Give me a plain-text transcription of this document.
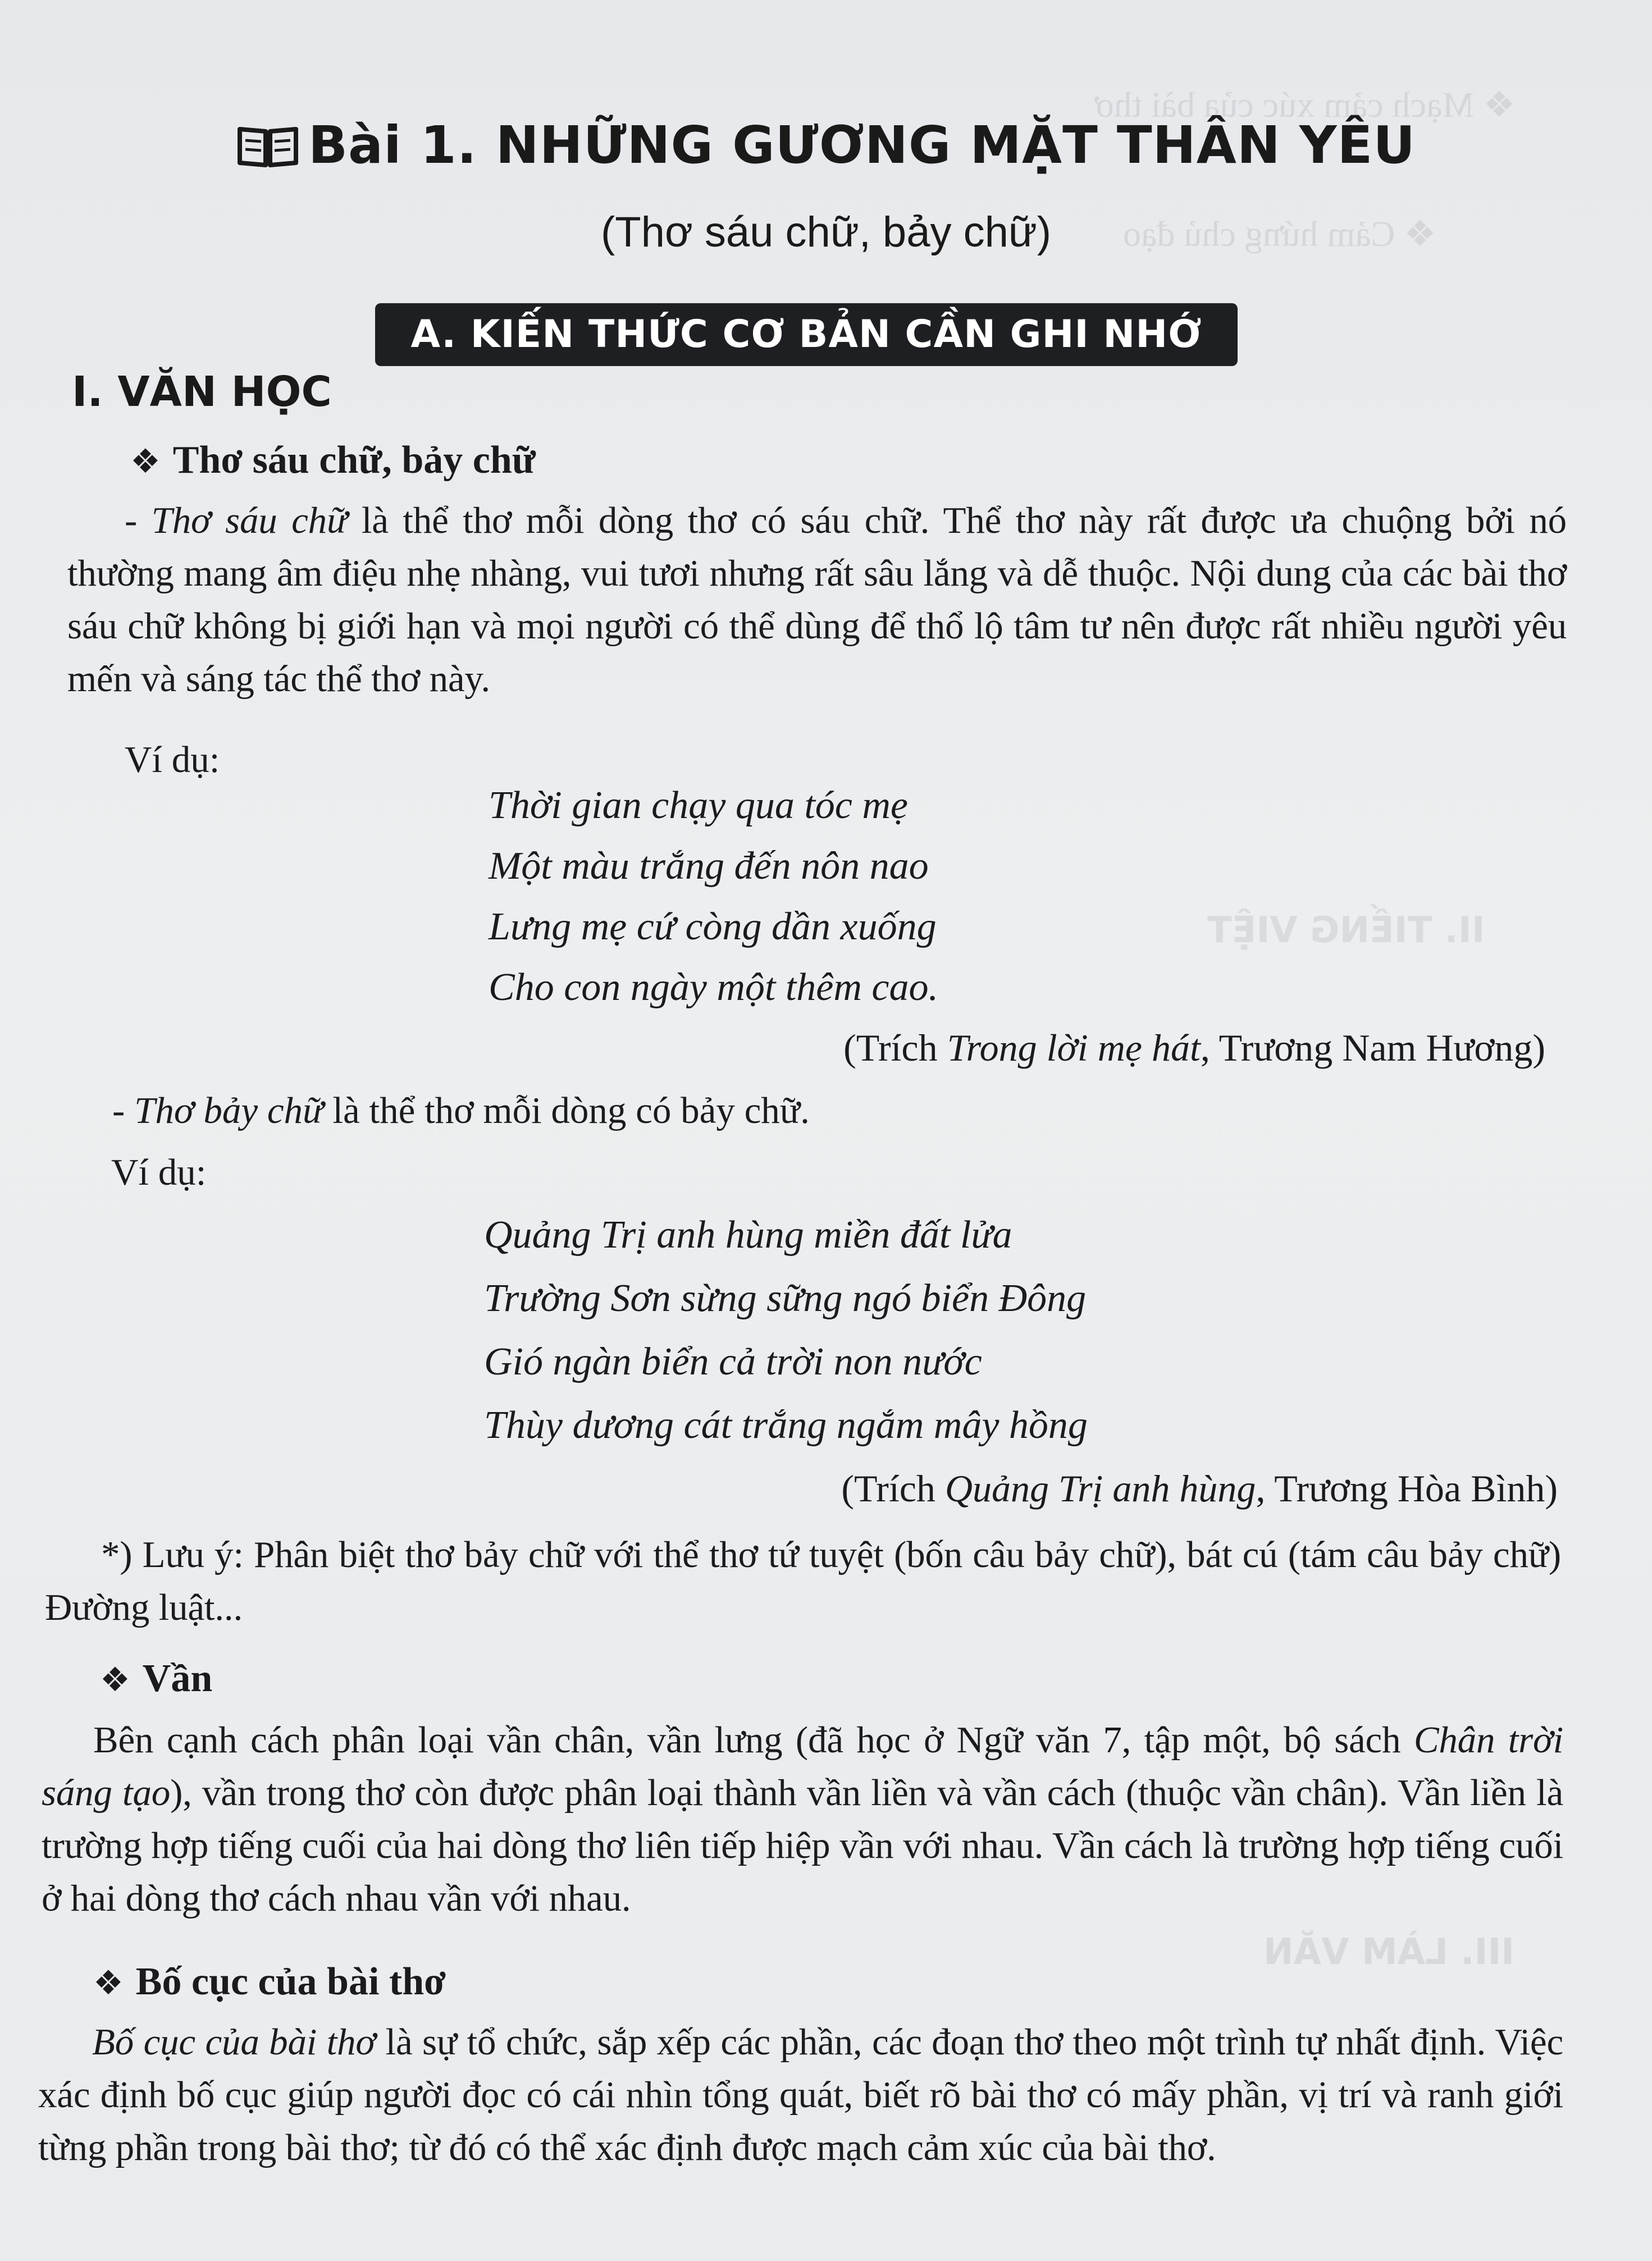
❖ Mạch cảm xúc của bài thơ
❖ Cảm hứng chủ đạo
II. TIẾNG VIỆT
III. LÀM VĂN
Bài 1. NHỮNG GƯƠNG MẶT THÂN YÊU
(Thơ sáu chữ, bảy chữ)
A. KIẾN THỨC CƠ BẢN CẦN GHI NHỚ
I. VĂN HỌC
❖ Thơ sáu chữ, bảy chữ
- Thơ sáu chữ là thể thơ mỗi dòng thơ có sáu chữ. Thể thơ này rất được ưa chuộng bởi nó thường mang âm điệu nhẹ nhàng, vui tươi nhưng rất sâu lắng và dễ thuộc. Nội dung của các bài thơ sáu chữ không bị giới hạn và mọi người có thể dùng để thổ lộ tâm tư nên được rất nhiều người yêu mến và sáng tác thể thơ này.
Ví dụ:
Thời gian chạy qua tóc mẹ
Một màu trắng đến nôn nao
Lưng mẹ cứ còng dần xuống
Cho con ngày một thêm cao.
(Trích Trong lời mẹ hát, Trương Nam Hương)
- Thơ bảy chữ là thể thơ mỗi dòng có bảy chữ.
Ví dụ:
Quảng Trị anh hùng miền đất lửa
Trường Sơn sừng sững ngó biển Đông
Gió ngàn biển cả trời non nước
Thùy dương cát trắng ngắm mây hồng
(Trích Quảng Trị anh hùng, Trương Hòa Bình)
*) Lưu ý: Phân biệt thơ bảy chữ với thể thơ tứ tuyệt (bốn câu bảy chữ), bát cú (tám câu bảy chữ) Đường luật...
❖ Vần
Bên cạnh cách phân loại vần chân, vần lưng (đã học ở Ngữ văn 7, tập một, bộ sách Chân trời sáng tạo), vần trong thơ còn được phân loại thành vần liền và vần cách (thuộc vần chân). Vần liền là trường hợp tiếng cuối của hai dòng thơ liên tiếp hiệp vần với nhau. Vần cách là trường hợp tiếng cuối ở hai dòng thơ cách nhau vần với nhau.
❖ Bố cục của bài thơ
Bố cục của bài thơ là sự tổ chức, sắp xếp các phần, các đoạn thơ theo một trình tự nhất định. Việc xác định bố cục giúp người đọc có cái nhìn tổng quát, biết rõ bài thơ có mấy phần, vị trí và ranh giới từng phần trong bài thơ; từ đó có thể xác định được mạch cảm xúc của bài thơ.
